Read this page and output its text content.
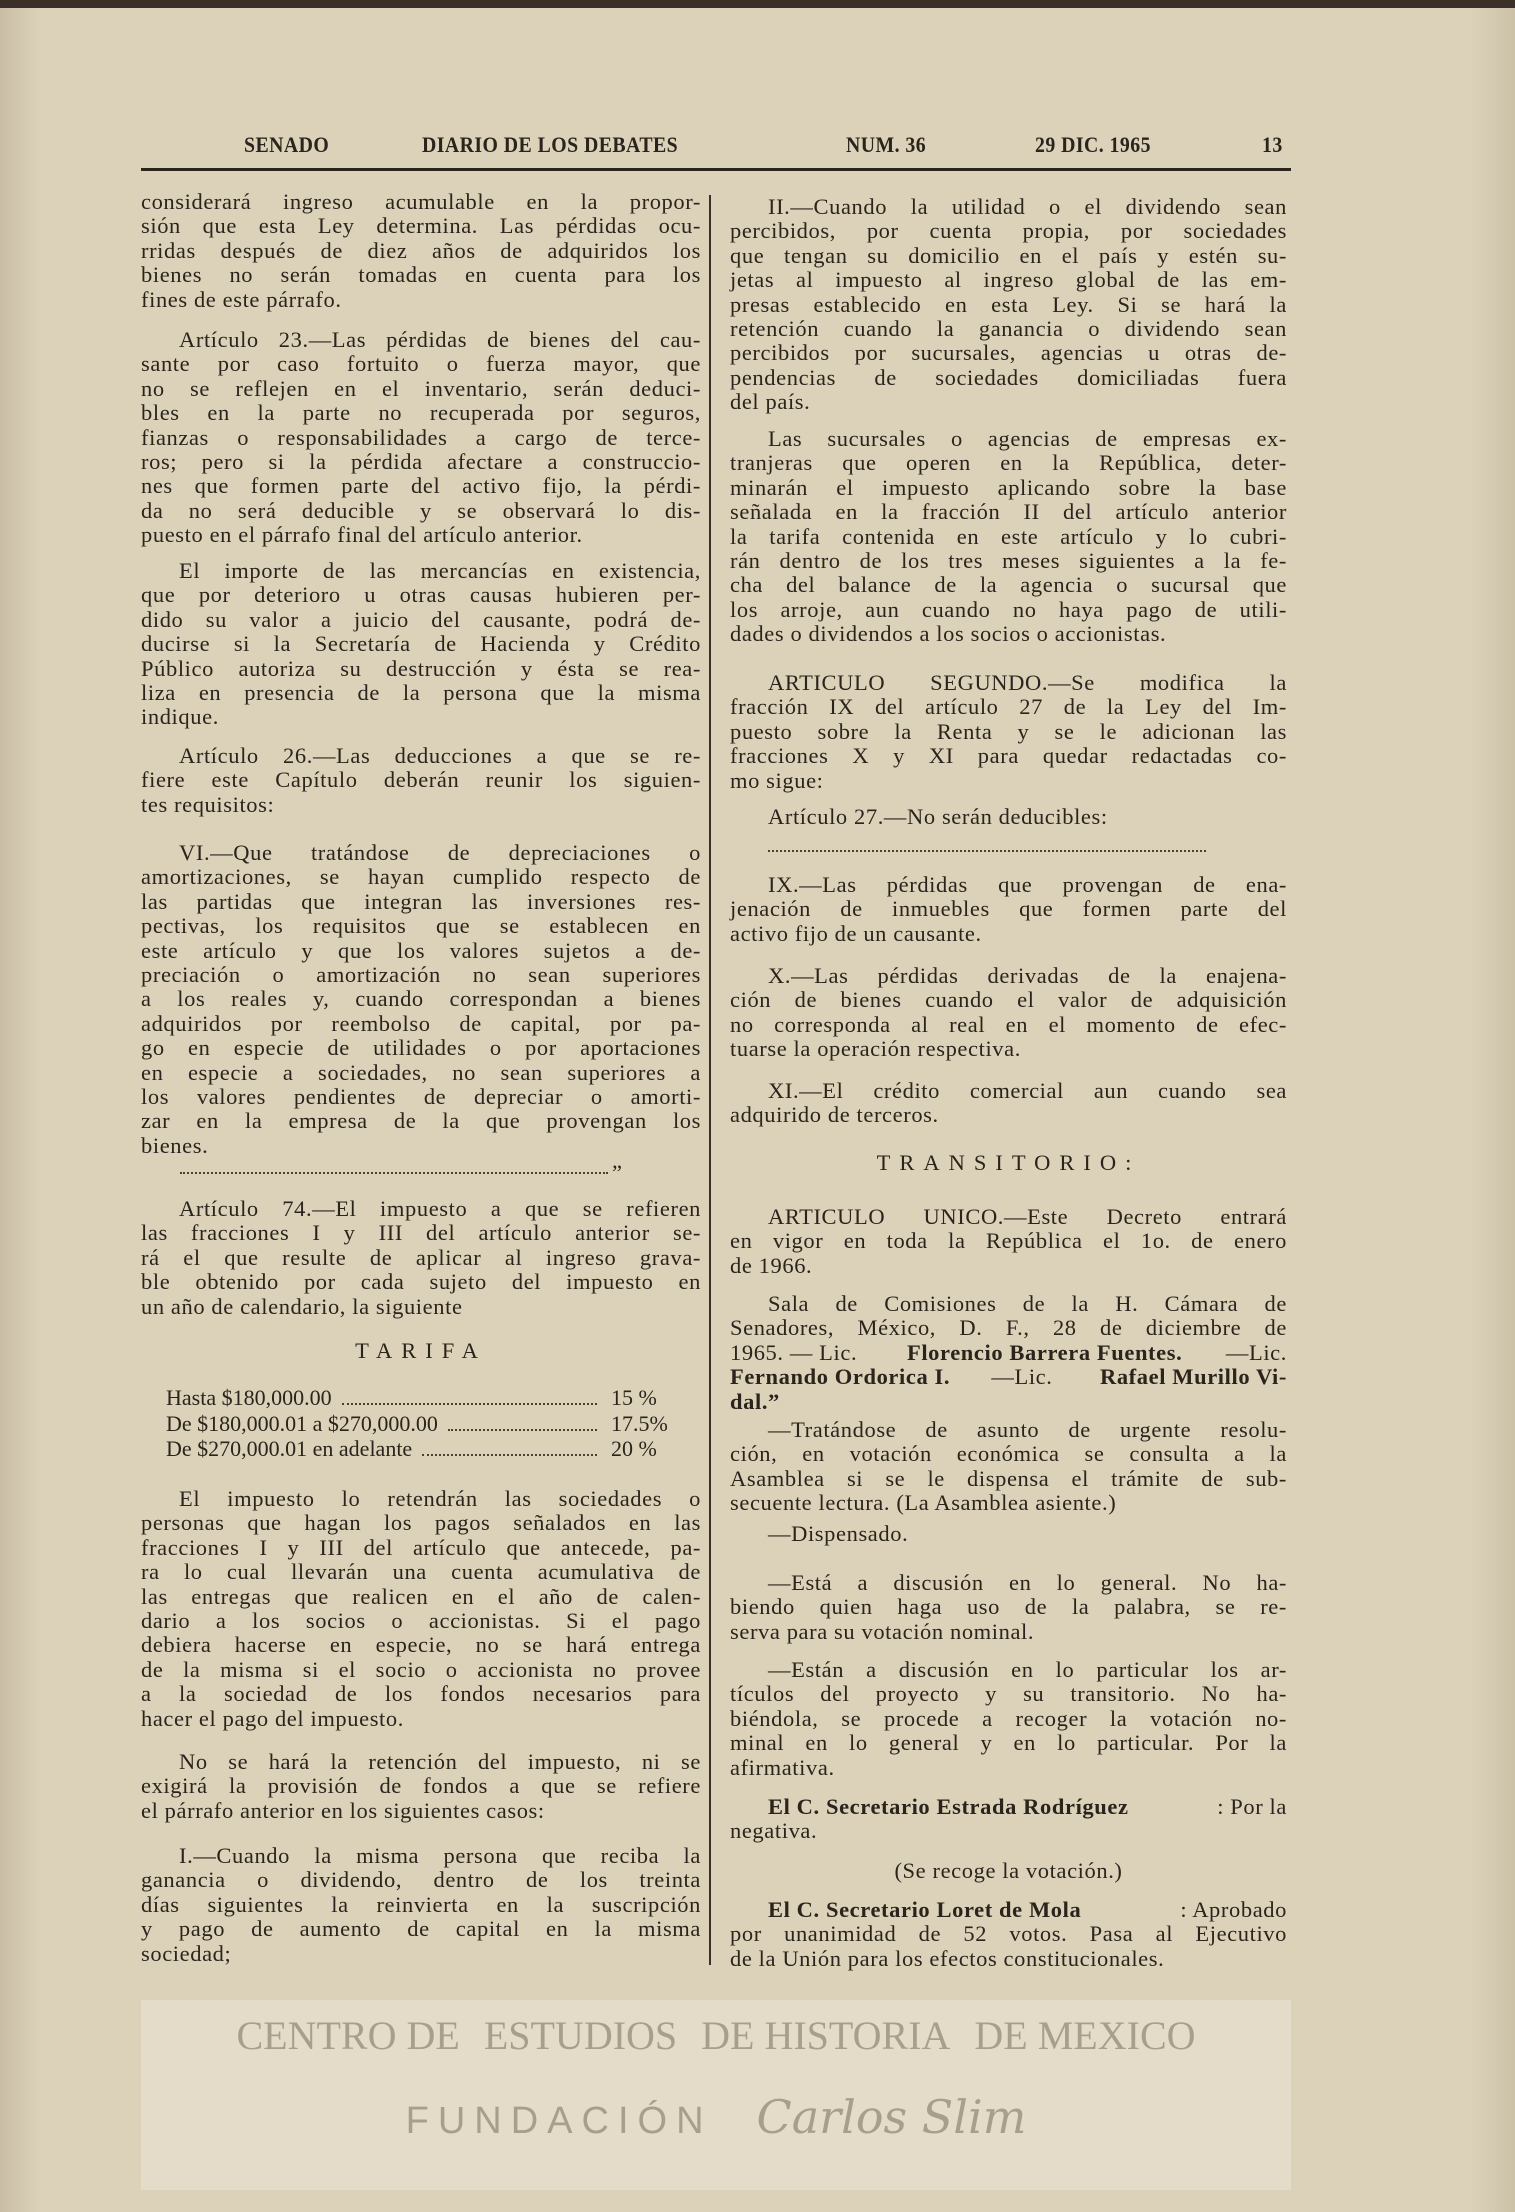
SENADO	DIARIO DE LOS DEBATES	NUM. 36	29 DIC. 1965	13
considerará ingreso acumulable en la propor-
sión que esta Ley determina. Las pérdidas ocu-
rridas después de diez años de adquiridos los
bienes no serán tomadas en cuenta para los
fines de este párrafo.
Artículo 23.—Las pérdidas de bienes del cau-
sante por caso fortuito o fuerza mayor, que
no se reflejen en el inventario, serán deduci-
bles en la parte no recuperada por seguros,
fianzas o responsabilidades a cargo de terce-
ros; pero si la pérdida afectare a construccio-
nes que formen parte del activo fijo, la pérdi-
da no será deducible y se observará lo dis-
puesto en el párrafo final del artículo anterior.
El importe de las mercancías en existencia,
que por deterioro u otras causas hubieren per-
dido su valor a juicio del causante, podrá de-
ducirse si la Secretaría de Hacienda y Crédito
Público autoriza su destrucción y ésta se rea-
liza en presencia de la persona que la misma
indique.
Artículo 26.—Las deducciones a que se re-
fiere este Capítulo deberán reunir los siguien-
tes requisitos:
VI.—Que tratándose de depreciaciones o
amortizaciones, se hayan cumplido respecto de
las partidas que integran las inversiones res-
pectivas, los requisitos que se establecen en
este artículo y que los valores sujetos a de-
preciación o amortización no sean superiores
a los reales y, cuando correspondan a bienes
adquiridos por reembolso de capital, por pa-
go en especie de utilidades o por aportaciones
en especie a sociedades, no sean superiores a
los valores pendientes de depreciar o amorti-
zar en la empresa de la que provengan los
bienes.
Artículo 74.—El impuesto a que se refieren
las fracciones I y III del artículo anterior se-
rá el que resulte de aplicar al ingreso grava-
ble obtenido por cada sujeto del impuesto en
un año de calendario, la siguiente
El impuesto lo retendrán las sociedades o
personas que hagan los pagos señalados en las
fracciones I y III del artículo que antecede, pa-
ra lo cual llevarán una cuenta acumulativa de
las entregas que realicen en el año de calen-
dario a los socios o accionistas. Si el pago
debiera hacerse en especie, no se hará entrega
de la misma si el socio o accionista no provee
a la sociedad de los fondos necesarios para
hacer el pago del impuesto.
No se hará la retención del impuesto, ni se
exigirá la provisión de fondos a que se refiere
el párrafo anterior en los siguientes casos:
I.—Cuando la misma persona que reciba la
ganancia o dividendo, dentro de los treinta
días siguientes la reinvierta en la suscripción
y pago de aumento de capital en la misma
sociedad;
II.—Cuando la utilidad o el dividendo sean
percibidos, por cuenta propia, por sociedades
que tengan su domicilio en el país y estén su-
jetas al impuesto al ingreso global de las em-
presas establecido en esta Ley. Si se hará la
retención cuando la ganancia o dividendo sean
percibidos por sucursales, agencias u otras de-
pendencias de sociedades domiciliadas fuera
del país.
Las sucursales o agencias de empresas ex-
tranjeras que operen en la República, deter-
minarán el impuesto aplicando sobre la base
señalada en la fracción II del artículo anterior
la tarifa contenida en este artículo y lo cubri-
rán dentro de los tres meses siguientes a la fe-
cha del balance de la agencia o sucursal que
los arroje, aun cuando no haya pago de utili-
dades o dividendos a los socios o accionistas.
ARTICULO SEGUNDO.—Se modifica la
fracción IX del artículo 27 de la Ley del Im-
puesto sobre la Renta y se le adicionan las
fracciones X y XI para quedar redactadas co-
mo sigue:
Artículo 27.—No serán deducibles:
IX.—Las pérdidas que provengan de ena-
jenación de inmuebles que formen parte del
activo fijo de un causante.
X.—Las pérdidas derivadas de la enajena-
ción de bienes cuando el valor de adquisición
no corresponda al real en el momento de efec-
tuarse la operación respectiva.
XI.—El crédito comercial aun cuando sea
adquirido de terceros.
ARTICULO UNICO.—Este Decreto entrará
en vigor en toda la República el 1o. de enero
de 1966.
Sala de Comisiones de la H. Cámara de
Senadores, México, D. F., 28 de diciembre de
1965. — Lic. Florencio Barrera Fuentes. —Lic.
Fernando Ordorica I. —Lic. Rafael Murillo Vi-
dal.”
—Tratándose de asunto de urgente resolu-
ción, en votación económica se consulta a la
Asamblea si se le dispensa el trámite de sub-
secuente lectura. (La Asamblea asiente.)
—Dispensado.
—Está a discusión en lo general. No ha-
biendo quien haga uso de la palabra, se re-
serva para su votación nominal.
—Están a discusión en lo particular los ar-
tículos del proyecto y su transitorio. No ha-
biéndola, se procede a recoger la votación no-
minal en lo general y en lo particular. Por la
afirmativa.
El C. Secretario Estrada Rodríguez	: Por la
negativa.
El C. Secretario Loret de Mola	: Aprobado
por unanimidad de 52 votos. Pasa al Ejecutivo
de la Unión para los efectos constitucionales.
”
TARIFA
Hasta $180,000.00	15 %
De $180,000.01 a $270,000.00	17.5%
De $270,000.01 en adelante	20 %
TRANSITORIO:
(Se recoge la votación.)
CENTRO DE ESTUDIOS DE HISTORIA DE MEXICO
FUNDACIÓN Carlos Slim
